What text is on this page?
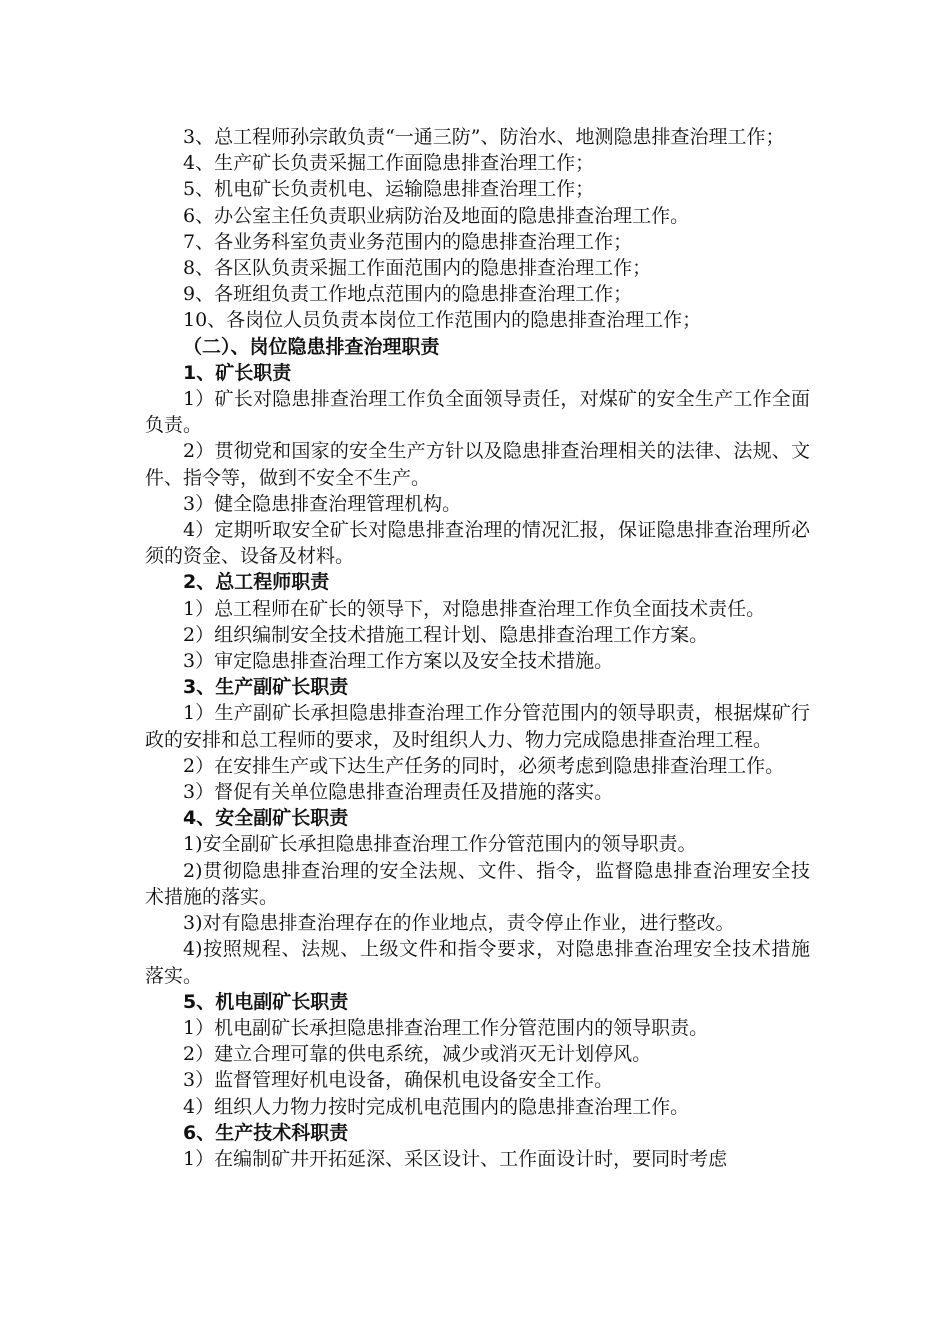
3、总工程师孙宗敢负责“一通三防”、防治水、地测隐患排查治理工作；

4、生产矿长负责采掘工作面隐患排查治理工作；

5、机电矿长负责机电、运输隐患排查治理工作；

6、办公室主任负责职业病防治及地面的隐患排查治理工作。

7、各业务科室负责业务范围内的隐患排查治理工作；

8、各区队负责采掘工作面范围内的隐患排查治理工作；

9、各班组负责工作地点范围内的隐患排查治理工作；

10、各岗位人员负责本岗位工作范围内的隐患排查治理工作；

（二）、岗位隐患排查治理职责

1、矿长职责

1）矿长对隐患排查治理工作负全面领导责任，对煤矿的安全生产工作全面负责。

2）贯彻党和国家的安全生产方针以及隐患排查治理相关的法律、法规、文件、指令等，做到不安全不生产。

3）健全隐患排查治理管理机构。

4）定期听取安全矿长对隐患排查治理的情况汇报，保证隐患排查治理所必须的资金、设备及材料。

2、总工程师职责

1）总工程师在矿长的领导下，对隐患排查治理工作负全面技术责任。

2）组织编制安全技术措施工程计划、隐患排查治理工作方案。

3）审定隐患排查治理工作方案以及安全技术措施。

3、生产副矿长职责

1）生产副矿长承担隐患排查治理工作分管范围内的领导职责，根据煤矿行政的安排和总工程师的要求，及时组织人力、物力完成隐患排查治理工程。

2）在安排生产或下达生产任务的同时，必须考虑到隐患排查治理工作。

3）督促有关单位隐患排查治理责任及措施的落实。

4、安全副矿长职责

1)安全副矿长承担隐患排查治理工作分管范围内的领导职责。

2)贯彻隐患排查治理的安全法规、文件、指令，监督隐患排查治理安全技术措施的落实。

3)对有隐患排查治理存在的作业地点，责令停止作业，进行整改。

4)按照规程、法规、上级文件和指令要求，对隐患排查治理安全技术措施落实。

5、机电副矿长职责

1）机电副矿长承担隐患排查治理工作分管范围内的领导职责。

2）建立合理可靠的供电系统，减少或消灭无计划停风。

3）监督管理好机电设备，确保机电设备安全工作。

4）组织人力物力按时完成机电范围内的隐患排查治理工作。

6、生产技术科职责

1）在编制矿井开拓延深、采区设计、工作面设计时，要同时考虑
